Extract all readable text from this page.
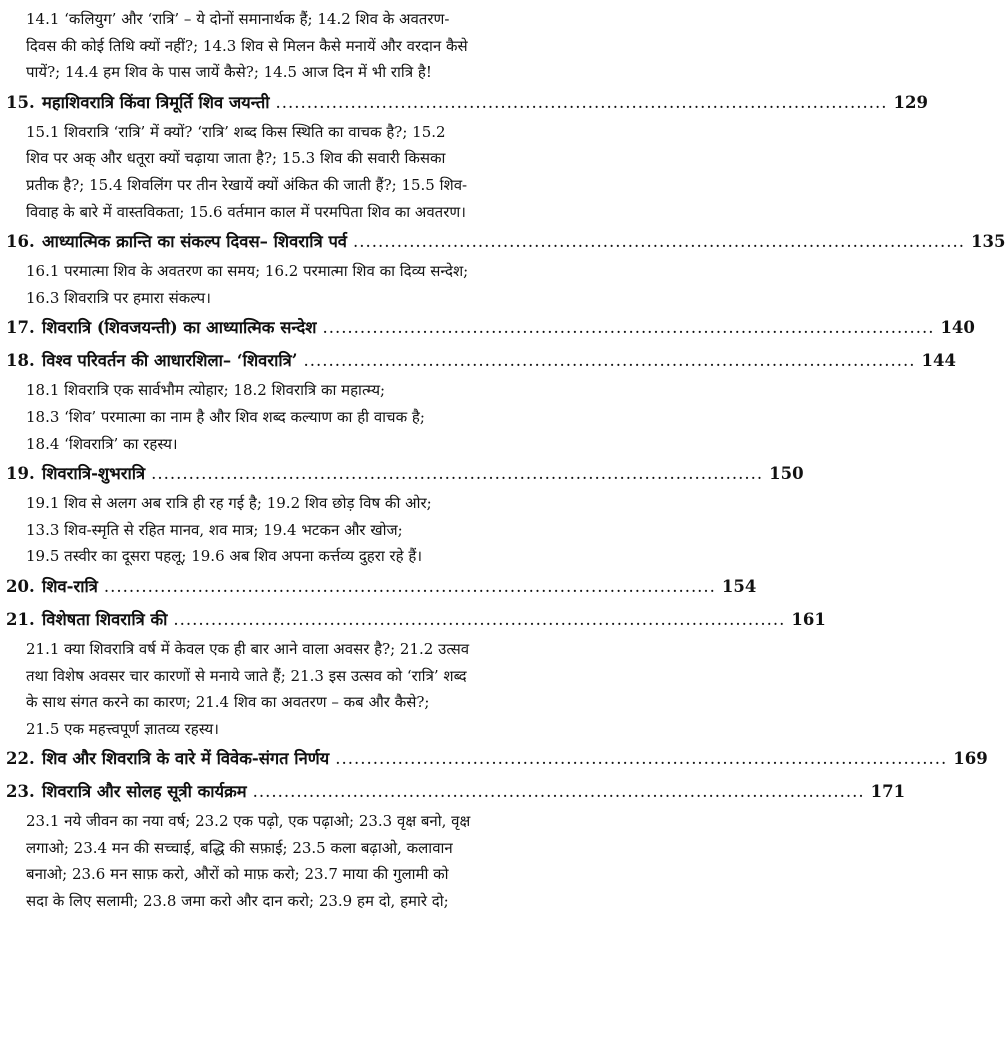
14.1 ‘कलियुग’ और ‘रात्रि’ – ये दोनों समानार्थक हैं; 14.2 शिव के अवतरण-
दिवस की कोई तिथि क्यों नहीं?; 14.3 शिव से मिलन कैसे मनायें और वरदान कैसे
पायें?; 14.4 हम शिव के पास जायें कैसे?; 14.5 आज दिन में भी रात्रि है!
15. महाशिवरात्रि किंवा त्रिमूर्ति शिव जयन्ती .................................................................................................. 129
15.1 शिवरात्रि ‘रात्रि’ में क्यों? ‘रात्रि’ शब्द किस स्थिति का वाचक है?; 15.2
शिव पर अक् और धतूरा क्यों चढ़ाया जाता है?; 15.3 शिव की सवारी किसका
प्रतीक है?; 15.4 शिवलिंग पर तीन रेखायें क्यों अंकित की जाती हैं?; 15.5 शिव-
विवाह के बारे में वास्तविकता; 15.6 वर्तमान काल में परमपिता शिव का अवतरण।
16. आध्यात्मिक क्रान्ति का संकल्प दिवस– शिवरात्रि पर्व .................................................................................................. 135
16.1 परमात्मा शिव के अवतरण का समय; 16.2 परमात्मा शिव का दिव्य सन्देश;
16.3 शिवरात्रि पर हमारा संकल्प।
17. शिवरात्रि (शिवजयन्ती) का आध्यात्मिक सन्देश .................................................................................................. 140
18. विश्व परिवर्तन की आधारशिला– ‘शिवरात्रि’ .................................................................................................. 144
18.1 शिवरात्रि एक सार्वभौम त्योहार; 18.2 शिवरात्रि का महात्म्य;
18.3 ‘शिव’ परमात्मा का नाम है और शिव शब्द कल्याण का ही वाचक है;
18.4 ‘शिवरात्रि’ का रहस्य।
19. शिवरात्रि-शुभरात्रि .................................................................................................. 150
19.1 शिव से अलग अब रात्रि ही रह गई है; 19.2 शिव छोड़ विष की ओर;
13.3 शिव-स्मृति से रहित मानव, शव मात्र; 19.4 भटकन और खोज;
19.5 तस्वीर का दूसरा पहलू; 19.6 अब शिव अपना कर्त्तव्य दुहरा रहे हैं।
20. शिव-रात्रि .................................................................................................. 154
21. विशेषता शिवरात्रि की .................................................................................................. 161
21.1 क्या शिवरात्रि वर्ष में केवल एक ही बार आने वाला अवसर है?; 21.2 उत्सव
तथा विशेष अवसर चार कारणों से मनाये जाते हैं; 21.3 इस उत्सव को ‘रात्रि’ शब्द
के साथ संगत करने का कारण; 21.4 शिव का अवतरण – कब और कैसे?;
21.5 एक महत्त्वपूर्ण ज्ञातव्य रहस्य।
22. शिव और शिवरात्रि के वारे में विवेक-संगत निर्णय .................................................................................................. 169
23. शिवरात्रि और सोलह सूत्री कार्यक्रम .................................................................................................. 171
23.1 नये जीवन का नया वर्ष; 23.2 एक पढ़ो, एक पढ़ाओ; 23.3 वृक्ष बनो, वृक्ष
लगाओ; 23.4 मन की सच्चाई, बद्धि की सफ़ाई; 23.5 कला बढ़ाओ, कलावान
बनाओ; 23.6 मन साफ़ करो, औरों को माफ़ करो; 23.7 माया की गुलामी को
सदा के लिए सलामी; 23.8 जमा करो और दान करो; 23.9 हम दो, हमारे दो;
